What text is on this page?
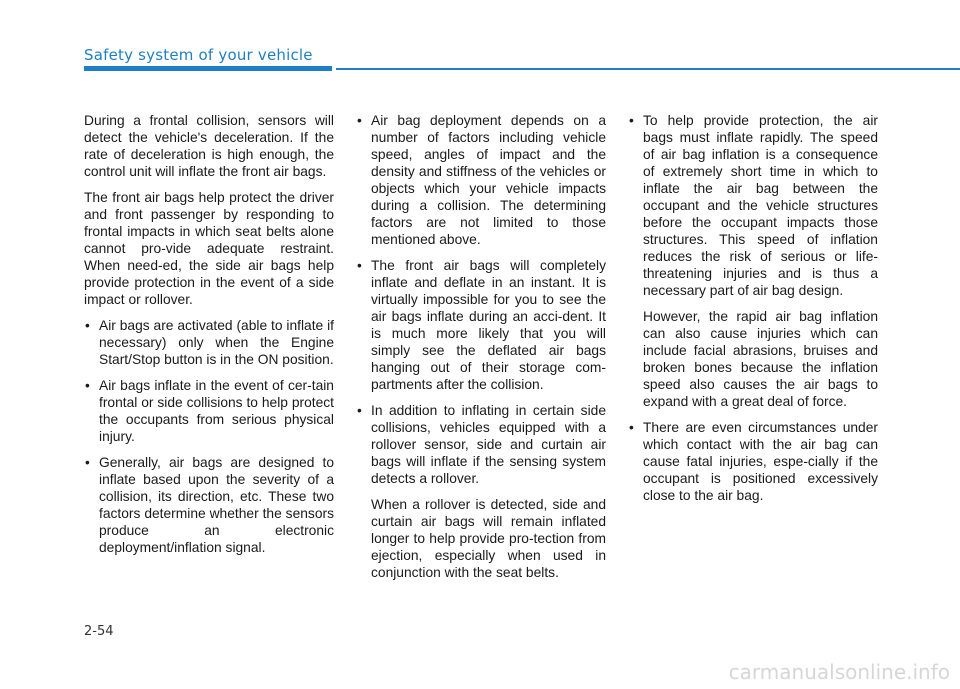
Safety system of your vehicle

During a frontal collision, sensors will detect the vehicle's deceleration. If the rate of deceleration is high enough, the control unit will inflate the front air bags.

The front air bags help protect the driver and front passenger by responding to frontal impacts in which seat belts alone cannot pro-vide adequate restraint. When need-ed, the side air bags help provide protection in the event of a side impact or rollover.

• Air bags are activated (able to inflate if necessary) only when the Engine Start/Stop button is in the ON position.
• Air bags inflate in the event of cer-tain frontal or side collisions to help protect the occupants from serious physical injury.
• Generally, air bags are designed to inflate based upon the severity of a collision, its direction, etc. These two factors determine whether the sensors produce an electronic deployment/inflation signal.
• Air bag deployment depends on a number of factors including vehicle speed, angles of impact and the density and stiffness of the vehicles or objects which your vehicle impacts during a collision. The determining factors are not limited to those mentioned above.
• The front air bags will completely inflate and deflate in an instant. It is virtually impossible for you to see the air bags inflate during an acci-dent. It is much more likely that you will simply see the deflated air bags hanging out of their storage com-partments after the collision.

• In addition to inflating in certain side collisions, vehicles equipped with a rollover sensor, side and curtain air bags will inflate if the sensing system detects a rollover.

When a rollover is detected, side and curtain air bags will remain inflated longer to help provide pro-tection from ejection, especially when used in conjunction with the seat belts.

• To help provide protection, the air bags must inflate rapidly. The speed of air bag inflation is a consequence of extremely short time in which to inflate the air bag between the occupant and the vehicle structures before the occupant impacts those structures. This speed of inflation reduces the risk of serious or life-threatening injuries and is thus a necessary part of air bag design.

However, the rapid air bag inflation can also cause injuries which can include facial abrasions, bruises and broken bones because the inflation speed also causes the air bags to expand with a great deal of force.

• There are even circumstances under which contact with the air bag can cause fatal injuries, espe-cially if the occupant is positioned excessively close to the air bag.
2-54
carmanualsonline.info
